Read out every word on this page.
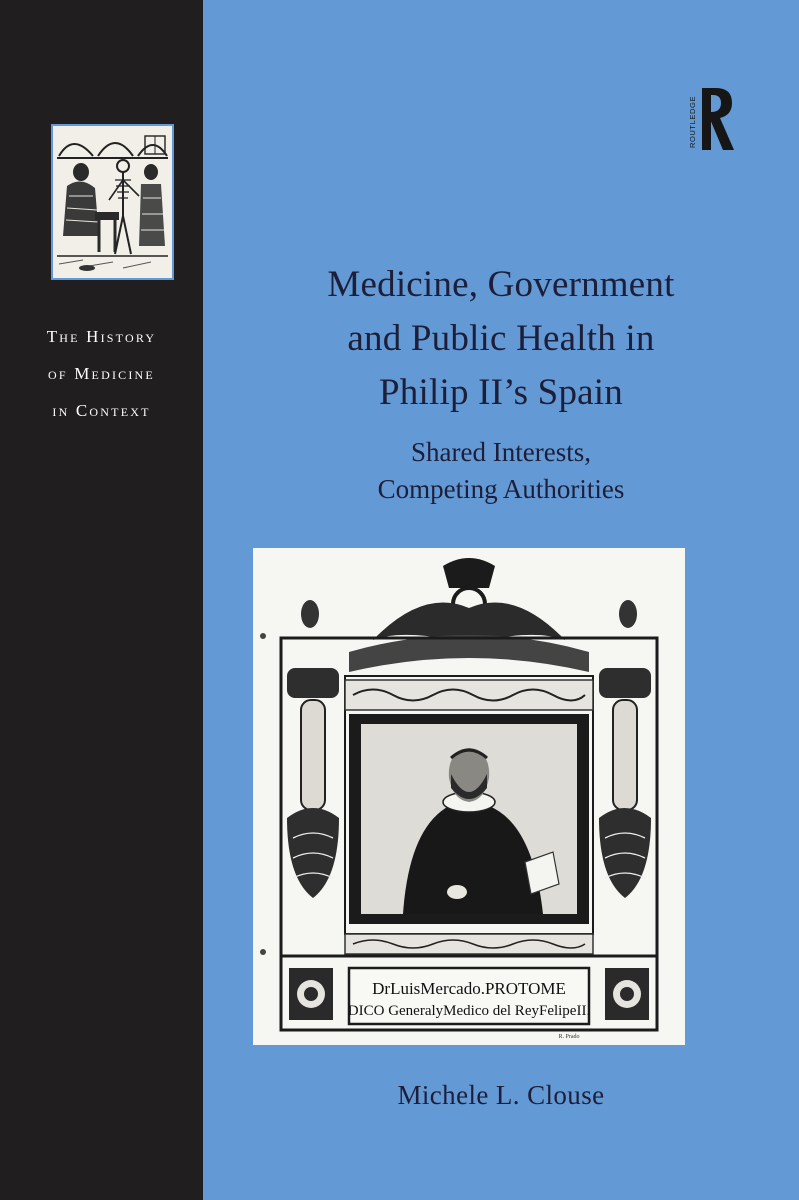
The History
of Medicine
in Context
ROUTLEDGE
Medicine, Government
and Public Health in
Philip II’s Spain
Shared Interests,
Competing Authorities
DrLuisMercado.PROTOME
DICO GeneralyMedico del ReyFelipeII.
R. Prado
Michele L. Clouse
